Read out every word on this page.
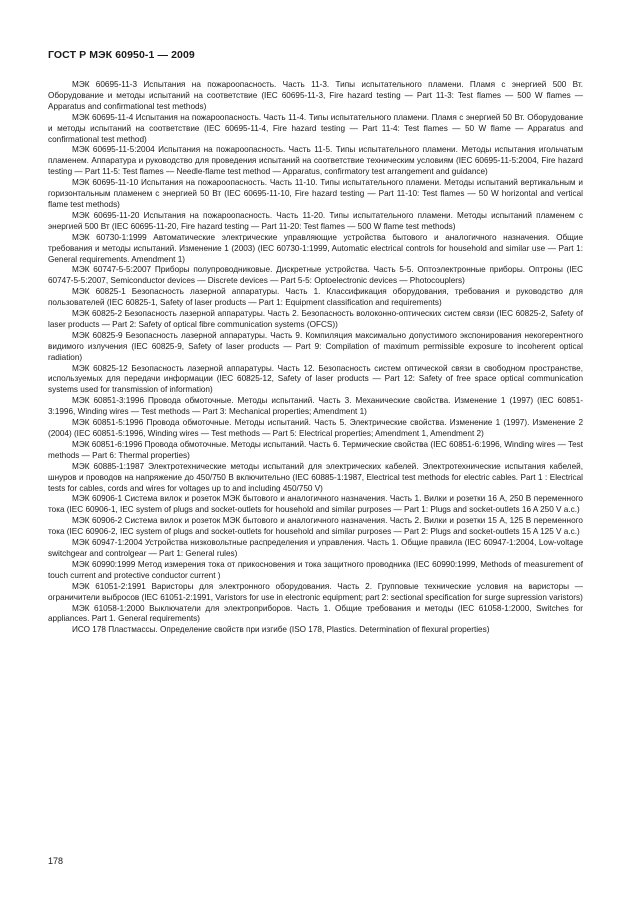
ГОСТ Р МЭК 60950-1 — 2009

МЭК 60695-11-3 Испытания на пожароопасность. Часть 11-3. Типы испытательного пламени. Пламя с энергией 500 Вт. Оборудование и методы испытаний на соответствие (IEC 60695-11-3, Fire hazard testing — Part 11-3: Test flames — 500 W flames — Apparatus and confirmational test methods)

МЭК 60695-11-4 Испытания на пожароопасность. Часть 11-4. Типы испытательного пламени. Пламя с энергией 50 Вт. Оборудование и методы испытаний на соответствие (IEC 60695-11-4, Fire hazard testing — Part 11-4: Test flames — 50 W flame — Apparatus and confirmational test method)

МЭК 60695-11-5:2004 Испытания на пожароопасность. Часть 11-5. Типы испытательного пламени. Методы испытания игольчатым пламенем. Аппаратура и руководство для проведения испытаний на соответствие техническим условиям (IEC 60695-11-5:2004, Fire hazard testing — Part 11-5: Test flames — Needle-flame test method — Apparatus, confirmatory test arrangement and guidance)

МЭК 60695-11-10 Испытания на пожароопасность. Часть 11-10. Типы испытательного пламени. Методы испытаний вертикальным и горизонтальным пламенем с энергией 50 Вт (IEC 60695-11-10, Fire hazard testing — Part 11-10: Test flames — 50 W horizontal and vertical flame test methods)

МЭК 60695-11-20 Испытания на пожароопасность. Часть 11-20. Типы испытательного пламени. Методы испытаний пламенем с энергией 500 Вт (IEC 60695-11-20, Fire hazard testing — Part 11-20: Test flames — 500 W flame test methods)

МЭК 60730-1:1999 Автоматические электрические управляющие устройства бытового и аналогичного назначения. Общие требования и методы испытаний. Изменение 1 (2003) (IEC 60730-1:1999, Automatic electrical controls for household and similar use — Part 1: General requirements. Amendment 1)

МЭК 60747-5-5:2007 Приборы полупроводниковые. Дискретные устройства. Часть 5-5. Оптоэлектронные приборы. Оптроны (IEC 60747-5-5:2007, Semiconductor devices — Discrete devices — Part 5-5: Optoelectronic devices — Photocouplers)

МЭК 60825-1 Безопасность лазерной аппаратуры. Часть 1. Классификация оборудования, требования и руководство для пользователей (IEC 60825-1, Safety of laser products — Part 1: Equipment classification and requirements)

МЭК 60825-2 Безопасность лазерной аппаратуры. Часть 2. Безопасность волоконно-оптических систем связи (IEC 60825-2, Safety of laser products — Part 2: Safety of optical fibre communication systems (OFCS))

МЭК 60825-9 Безопасность лазерной аппаратуры. Часть 9. Компиляция максимально допустимого экспонирования некогерентного видимого излучения (IEC 60825-9, Safety of laser products — Part 9: Compilation of maximum permissible exposure to incoherent optical radiation)

МЭК 60825-12 Безопасность лазерной аппаратуры. Часть 12. Безопасность систем оптической связи в свободном пространстве, используемых для передачи информации (IEC 60825-12, Safety of laser products — Part 12: Safety of free space optical communication systems used for transmission of information)

МЭК 60851-3:1996 Провода обмоточные. Методы испытаний. Часть 3. Механические свойства. Изменение 1 (1997) (IEC 60851-3:1996, Winding wires — Test methods — Part 3: Mechanical properties; Amendment 1)

МЭК 60851-5:1996 Провода обмоточные. Методы испытаний. Часть 5. Электрические свойства. Изменение 1 (1997). Изменение 2 (2004) (IEC 60851-5:1996, Winding wires — Test methods — Part 5: Electrical properties; Amendment 1, Amendment 2)

МЭК 60851-6:1996 Провода обмоточные. Методы испытаний. Часть 6. Термические свойства (IEC 60851-6:1996, Winding wires — Test methods — Part 6: Thermal properties)

МЭК 60885-1:1987 Электротехнические методы испытаний для электрических кабелей. Электротехнические испытания кабелей, шнуров и проводов на напряжение до 450/750 В включительно (IEC 60885-1:1987, Electrical test methods for electric cables. Part 1 : Electrical tests for cables, cords and wires for voltages up to and including 450/750 V)

МЭК 60906-1 Система вилок и розеток МЭК бытового и аналогичного назначения. Часть 1. Вилки и розетки 16 А, 250 В переменного тока (IEC 60906-1, IEC system of plugs and socket-outlets for household and similar purposes — Part 1: Plugs and socket-outlets 16 A 250 V a.c.)

МЭК 60906-2 Система вилок и розеток МЭК бытового и аналогичного назначения. Часть 2. Вилки и розетки 15 А, 125 В переменного тока (IEC 60906-2, IEC system of plugs and socket-outlets for household and similar purposes — Part 2: Plugs and socket-outlets 15 A 125 V a.c.)

МЭК 60947-1:2004 Устройства низковольтные распределения и управления. Часть 1. Общие правила (IEC 60947-1:2004, Low-voltage switchgear and controlgear — Part 1: General rules)

МЭК 60990:1999 Метод измерения тока от прикосновения и тока защитного проводника (IEC 60990:1999, Methods of measurement of touch current and protective conductor current )

МЭК 61051-2:1991 Варисторы для электронного оборудования. Часть 2. Групповые технические условия на варисторы — ограничители выбросов (IEC 61051-2:1991, Varistors for use in electronic equipment; part 2: sectional specification for surge supression varistors)

МЭК 61058-1:2000 Выключатели для электроприборов. Часть 1. Общие требования и методы (IEC 61058-1:2000, Switches for appliances. Part 1. General requirements)

ИСО 178 Пластмассы. Определение свойств при изгибе (ISO 178, Plastics. Determination of flexural properties)

178
